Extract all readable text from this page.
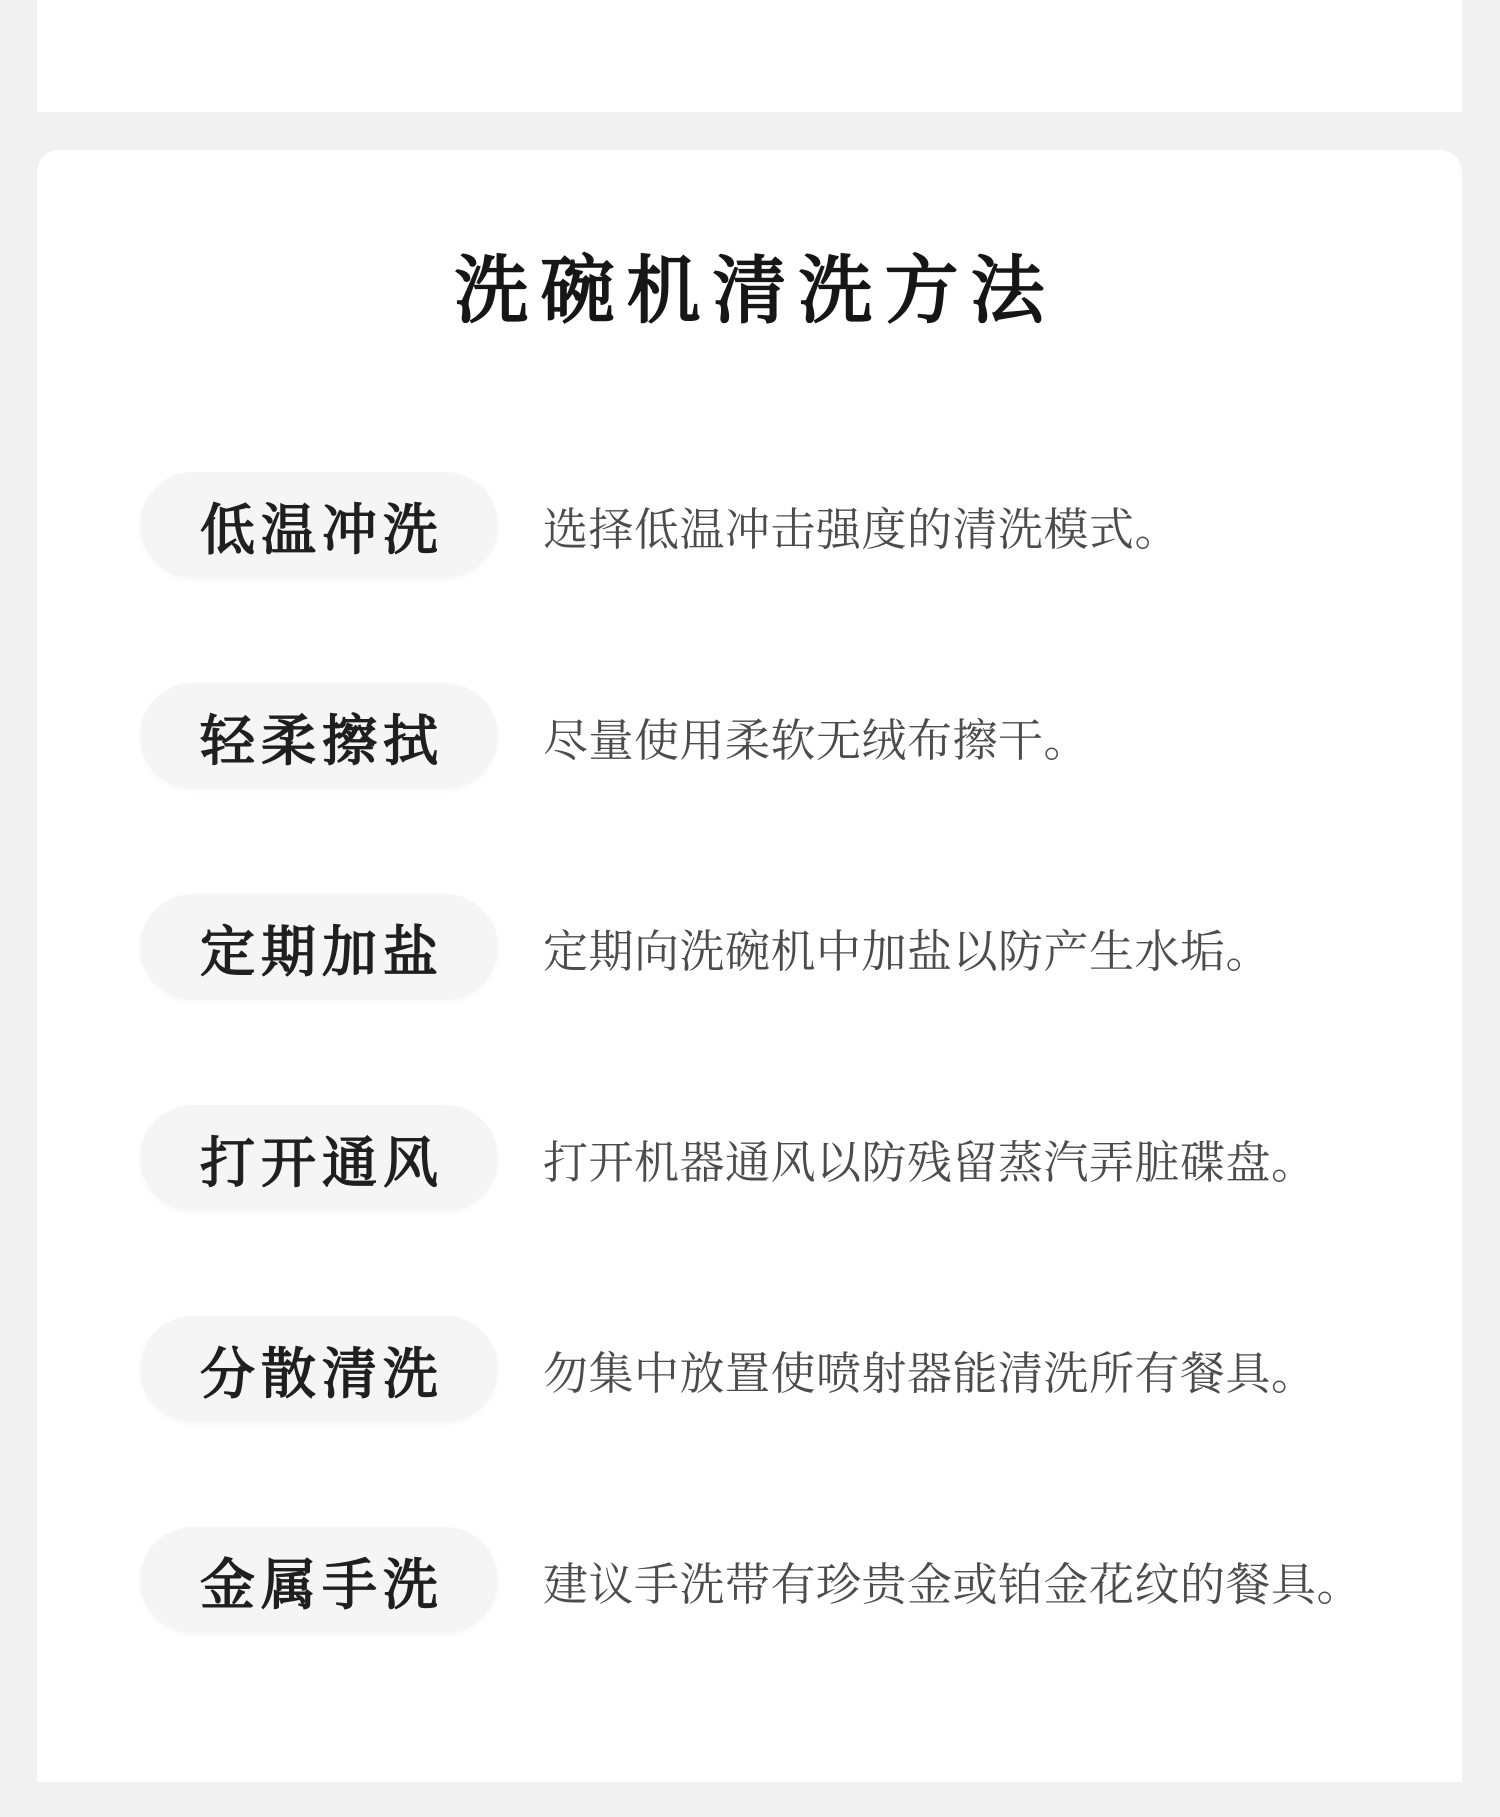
洗碗机清洗方法
低温冲洗	选择低温冲击强度的清洗模式。
轻柔擦拭	尽量使用柔软无绒布擦干。
定期加盐	定期向洗碗机中加盐以防产生水垢。
打开通风	打开机器通风以防残留蒸汽弄脏碟盘。
分散清洗	勿集中放置使喷射器能清洗所有餐具。
金属手洗	建议手洗带有珍贵金或铂金花纹的餐具。
